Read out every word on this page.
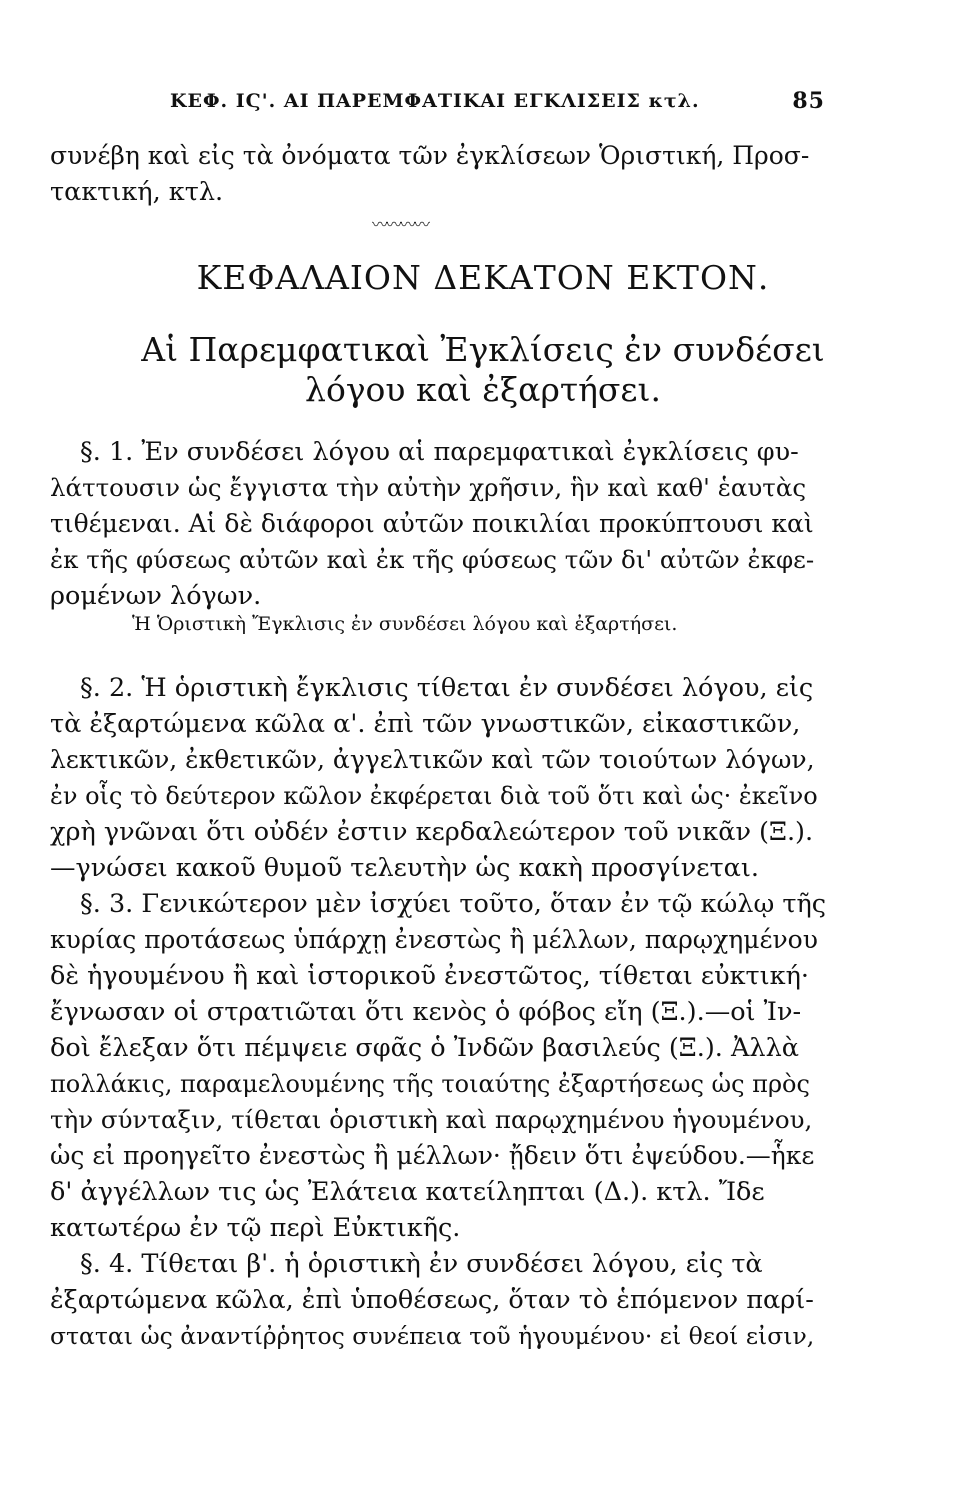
ΚΕΦ. ΙϚ'. ΑΙ ΠΑΡΕΜΦΑΤΙΚΑΙ ΕΓΚΛΙΣΕΙΣ κτλ.	85
συνέβη καὶ εἰς τὰ ὀνόματα τῶν ἐγκλίσεων Ὁριστική, Προσ-
τακτική, κτλ.
〰〰〰〰
ΚΕΦΑΛΑΙΟΝ ΔΕΚΑΤΟΝ ΕΚΤΟΝ.
Αἱ Παρεμφατικαὶ Ἐγκλίσεις ἐν συνδέσει
λόγου καὶ ἐξαρτήσει.
§. 1. Ἐν συνδέσει λόγου αἱ παρεμφατικαὶ ἐγκλίσεις φυ-
λάττουσιν ὡς ἔγγιστα τὴν αὐτὴν χρῆσιν, ἣν καὶ καθ' ἑαυτὰς
τιθέμεναι. Αἱ δὲ διάφοροι αὐτῶν ποικιλίαι προκύπτουσι καὶ
ἐκ τῆς φύσεως αὐτῶν καὶ ἐκ τῆς φύσεως τῶν δι' αὐτῶν ἐκφε-
ρομένων λόγων.
Ἡ Ὁριστικὴ Ἔγκλισις ἐν συνδέσει λόγου καὶ ἐξαρτήσει.
§. 2. Ἡ ὁριστικὴ ἔγκλισις τίθεται ἐν συνδέσει λόγου, εἰς
τὰ ἐξαρτώμενα κῶλα α'. ἐπὶ τῶν γνωστικῶν, εἰκαστικῶν,
λεκτικῶν, ἐκθετικῶν, ἀγγελτικῶν καὶ τῶν τοιούτων λόγων,
ἐν οἷς τὸ δεύτερον κῶλον ἐκφέρεται διὰ τοῦ ὅτι καὶ ὡς· ἐκεῖνο
χρὴ γνῶναι ὅτι οὐδέν ἐστιν κερδαλεώτερον τοῦ νικᾶν (Ξ.).
—γνώσει κακοῦ θυμοῦ τελευτὴν ὡς κακὴ προσγίνεται.
§. 3. Γενικώτερον μὲν ἰσχύει τοῦτο, ὅταν ἐν τῷ κώλῳ τῆς
κυρίας προτάσεως ὑπάρχῃ ἐνεστὼς ἢ μέλλων, παρῳχημένου
δὲ ἡγουμένου ἢ καὶ ἱστορικοῦ ἐνεστῶτος, τίθεται εὐκτική·
ἔγνωσαν οἱ στρατιῶται ὅτι κενὸς ὁ φόβος εἴη (Ξ.).—οἱ Ἰν-
δοὶ ἔλεξαν ὅτι πέμψειε σφᾶς ὁ Ἰνδῶν βασιλεύς (Ξ.). Ἀλλὰ
πολλάκις, παραμελουμένης τῆς τοιαύτης ἐξαρτήσεως ὡς πρὸς
τὴν σύνταξιν, τίθεται ὁριστικὴ καὶ παρῳχημένου ἡγουμένου,
ὡς εἰ προηγεῖτο ἐνεστὼς ἢ μέλλων· ᾔδειν ὅτι ἐψεύδου.—ἧκε
δ' ἀγγέλλων τις ὡς Ἐλάτεια κατείληπται (Δ.). κτλ. Ἴδε
κατωτέρω ἐν τῷ περὶ Εὐκτικῆς.
§. 4. Τίθεται β'. ἡ ὁριστικὴ ἐν συνδέσει λόγου, εἰς τὰ
ἐξαρτώμενα κῶλα, ἐπὶ ὑποθέσεως, ὅταν τὸ ἑπόμενον παρί-
σταται ὡς ἀναντίῤῥητος συνέπεια τοῦ ἡγουμένου· εἰ θεοί εἰσιν,
